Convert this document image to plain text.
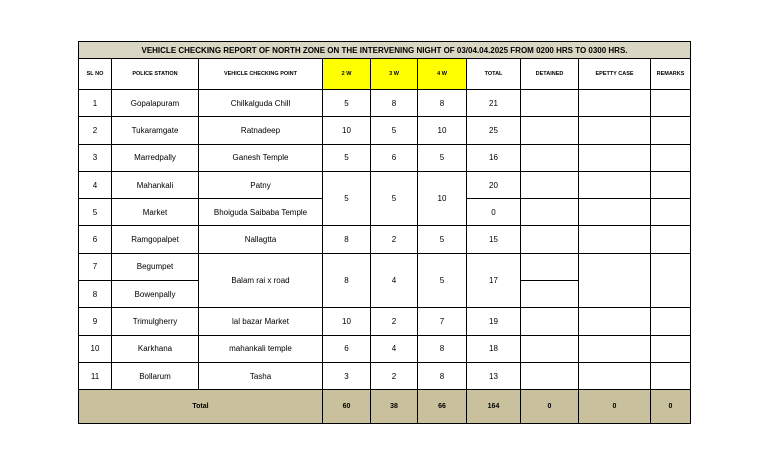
VEHICLE CHECKING REPORT OF NORTH ZONE ON THE INTERVENING NIGHT OF 03/04.04.2025 FROM 0200 HRS TO 0300 HRS.									
SL NO	POLICE STATION	VEHICLE CHECKING POINT	2 W	3 W	4 W	TOTAL	DETAINED	EPETTY CASE	REMARKS
1	Gopalapuram	Chilkalguda Chill	5	8	8	21			
2	Tukaramgate	Ratnadeep	10	5	10	25			
3	Marredpally	Ganesh Temple	5	6	5	16			
4	Mahankali	Patny	5	5	10	20			
5	Market	Bhoiguda Saibaba Temple				0			
6	Ramgopalpet	Nallagtta	8	2	5	15			
7	Begumpet	Balam rai x road	8	4	5	17			
8	Bowenpally								
9	Trimulgherry	lal bazar Market	10	2	7	19			
10	Karkhana	mahankali temple	6	4	8	18			
11	Bollarum	Tasha	3	2	8	13			
Total			60	38	66	164	0	0	0
